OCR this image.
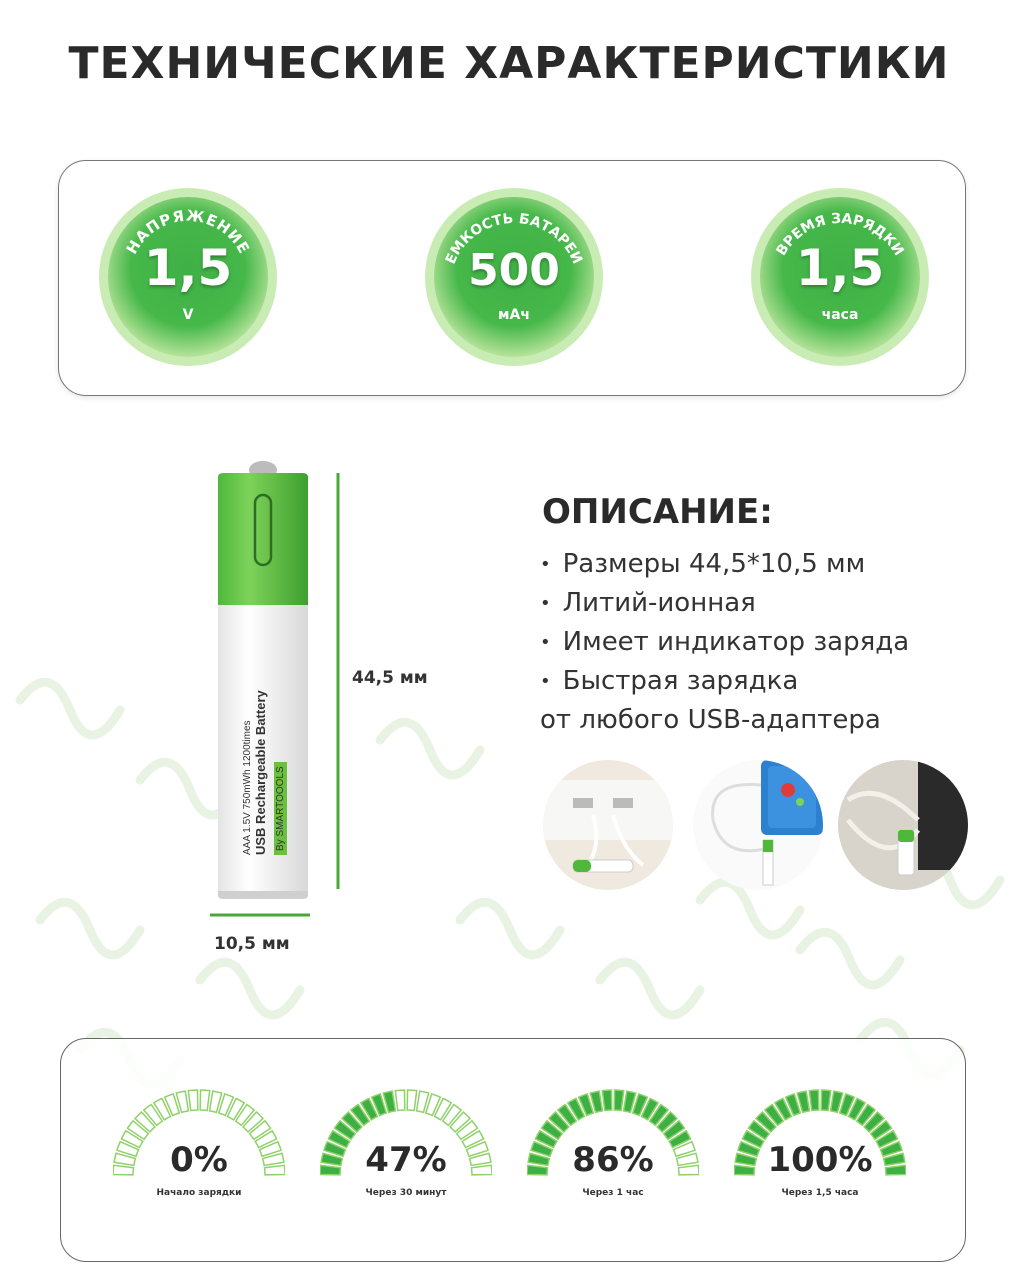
ТЕХНИЧЕСКИЕ ХАРАКТЕРИСТИКИ
НАПРЯЖЕНИЕ
1,5
V
ЕМКОСТЬ БАТАРЕИ
500
мАч
ВРЕМЯ ЗАРЯДКИ
1,5
часа
AAA 1.5V 750mWh 1200times USB Rechargeable Battery By SMARTOOOLS
44,5 мм
10,5 мм
ОПИСАНИЕ:
• Размеры 44,5*10,5 мм
• Литий-ионная
• Имеет индикатор заряда
• Быстрая зарядка
от любого USB-адаптера
0%
Начало зарядки
47%
Через 30 минут
86%
Через 1 час
100%
Через 1,5 часа
